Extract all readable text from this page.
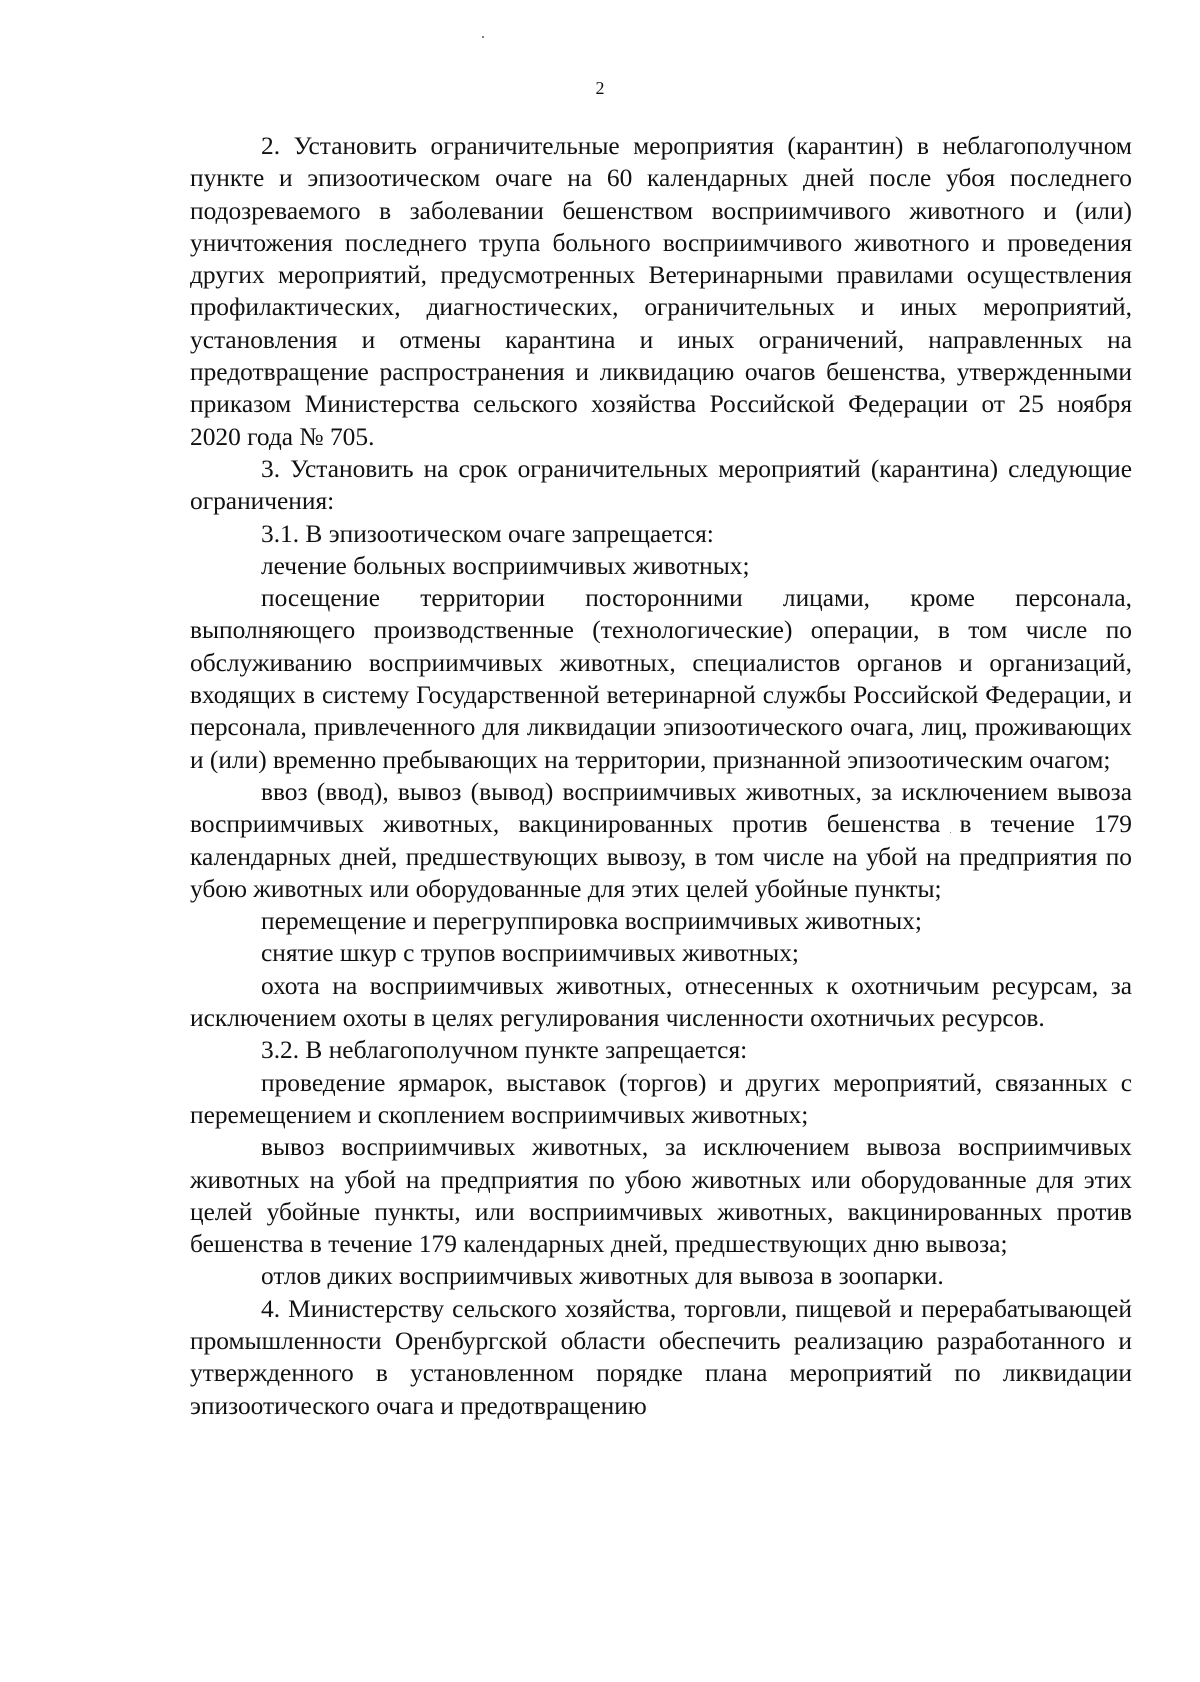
2

2. Установить ограничительные мероприятия (карантин) в неблагополучном пункте и эпизоотическом очаге на 60 календарных дней после убоя последнего подозреваемого в заболевании бешенством восприимчивого животного и (или) уничтожения последнего трупа больного восприимчивого животного и проведения других мероприятий, предусмотренных Ветеринарными правилами осуществления профилактических, диагностических, ограничительных и иных мероприятий, установления и отмены карантина и иных ограничений, направленных на предотвращение распространения и ликвидацию очагов бешенства, утвержденными приказом Министерства сельского хозяйства Российской Федерации от 25 ноября 2020 года № 705.

3. Установить на срок ограничительных мероприятий (карантина) следующие ограничения:

3.1. В эпизоотическом очаге запрещается:

лечение больных восприимчивых животных;

посещение территории посторонними лицами, кроме персонала, выполняющего производственные (технологические) операции, в том числе по обслуживанию восприимчивых животных, специалистов органов и организаций, входящих в систему Государственной ветеринарной службы Российской Федерации, и персонала, привлеченного для ликвидации эпизоотического очага, лиц, проживающих и (или) временно пребывающих на территории, признанной эпизоотическим очагом;

ввоз (ввод), вывоз (вывод) восприимчивых животных, за исключением вывоза восприимчивых животных, вакцинированных против бешенства в течение 179 календарных дней, предшествующих вывозу, в том числе на убой на предприятия по убою животных или оборудованные для этих целей убойные пункты;

перемещение и перегруппировка восприимчивых животных;

снятие шкур с трупов восприимчивых животных;

охота на восприимчивых животных, отнесенных к охотничьим ресурсам, за исключением охоты в целях регулирования численности охотничьих ресурсов.

3.2. В неблагополучном пункте запрещается:

проведение ярмарок, выставок (торгов) и других мероприятий, связанных с перемещением и скоплением восприимчивых животных;

вывоз восприимчивых животных, за исключением вывоза восприимчивых животных на убой на предприятия по убою животных или оборудованные для этих целей убойные пункты, или восприимчивых животных, вакцинированных против бешенства в течение 179 календарных дней, предшествующих дню вывоза;

отлов диких восприимчивых животных для вывоза в зоопарки.

4. Министерству сельского хозяйства, торговли, пищевой и перерабатывающей промышленности Оренбургской области обеспечить реализацию разработанного и утвержденного в установленном порядке плана мероприятий по ликвидации эпизоотического очага и предотвращению
